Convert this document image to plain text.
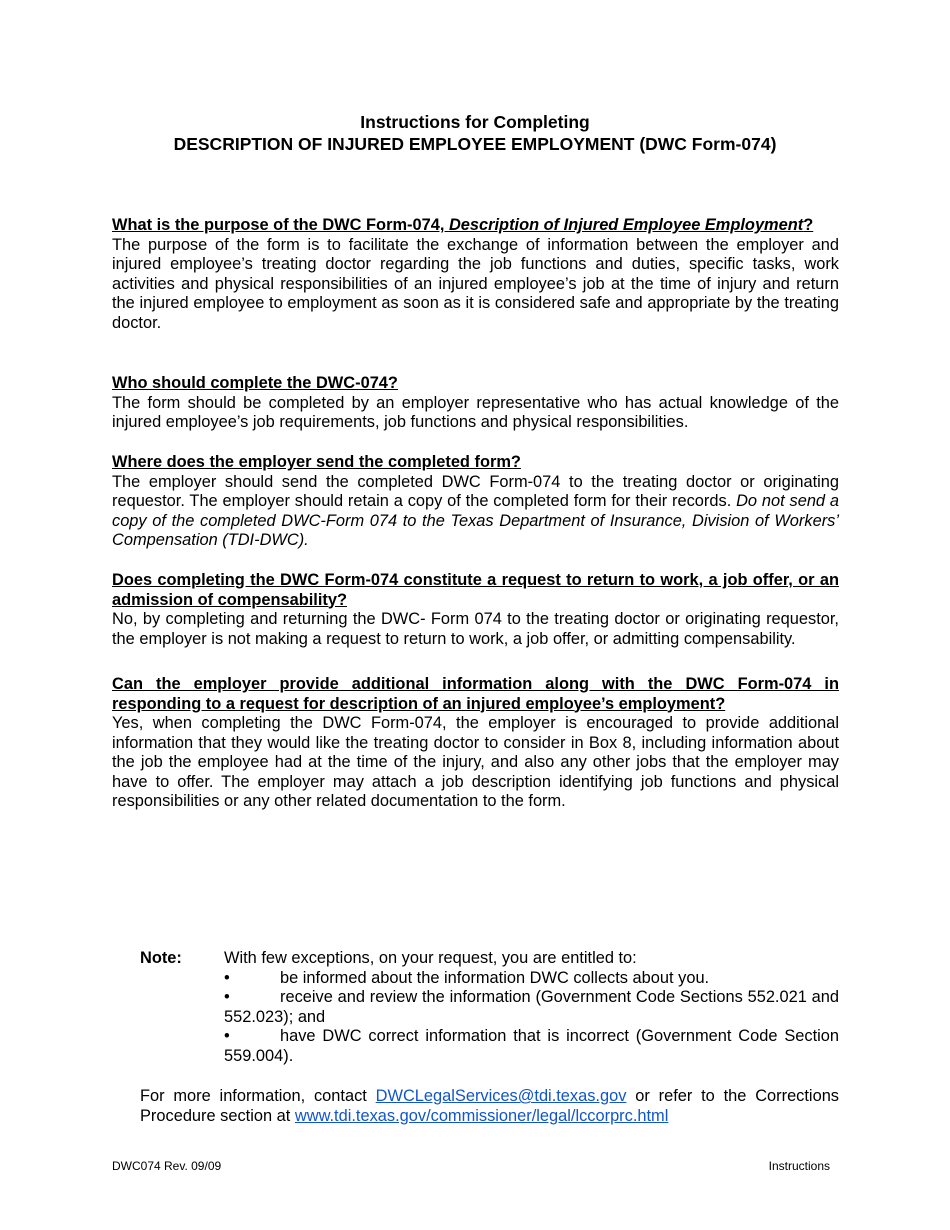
Instructions for Completing
DESCRIPTION OF INJURED EMPLOYEE EMPLOYMENT (DWC Form-074)
What is the purpose of the DWC Form-074, Description of Injured Employee Employment?
The purpose of the form is to facilitate the exchange of information between the employer and injured employee’s treating doctor regarding the job functions and duties, specific tasks, work activities and physical responsibilities of an injured employee’s job at the time of injury and return the injured employee to employment as soon as it is considered safe and appropriate by the treating doctor.
Who should complete the DWC-074?
The form should be completed by an employer representative who has actual knowledge of the injured employee’s job requirements, job functions and physical responsibilities.
Where does the employer send the completed form?
The employer should send the completed DWC Form-074 to the treating doctor or originating requestor. The employer should retain a copy of the completed form for their records. Do not send a copy of the completed DWC-Form 074 to the Texas Department of Insurance, Division of Workers’ Compensation (TDI-DWC).
Does completing the DWC Form-074 constitute a request to return to work, a job offer, or an admission of compensability?
No, by completing and returning the DWC- Form 074 to the treating doctor or originating requestor, the employer is not making a request to return to work, a job offer, or admitting compensability.
Can the employer provide additional information along with the DWC Form-074 in responding to a request for description of an injured employee’s employment?
Yes, when completing the DWC Form-074, the employer is encouraged to provide additional information that they would like the treating doctor to consider in Box 8, including information about the job the employee had at the time of the injury, and also any other jobs that the employer may have to offer. The employer may attach a job description identifying job functions and physical responsibilities or any other related documentation to the form.
Note:	With few exceptions, on your request, you are entitled to:
•	be informed about the information DWC collects about you.
•	receive and review the information (Government Code Sections 552.021 and 552.023); and
•	have DWC correct information that is incorrect (Government Code Section 559.004).
For more information, contact DWCLegalServices@tdi.texas.gov or refer to the Corrections Procedure section at www.tdi.texas.gov/commissioner/legal/lccorprc.html
DWC074 Rev. 09/09	Instructions
